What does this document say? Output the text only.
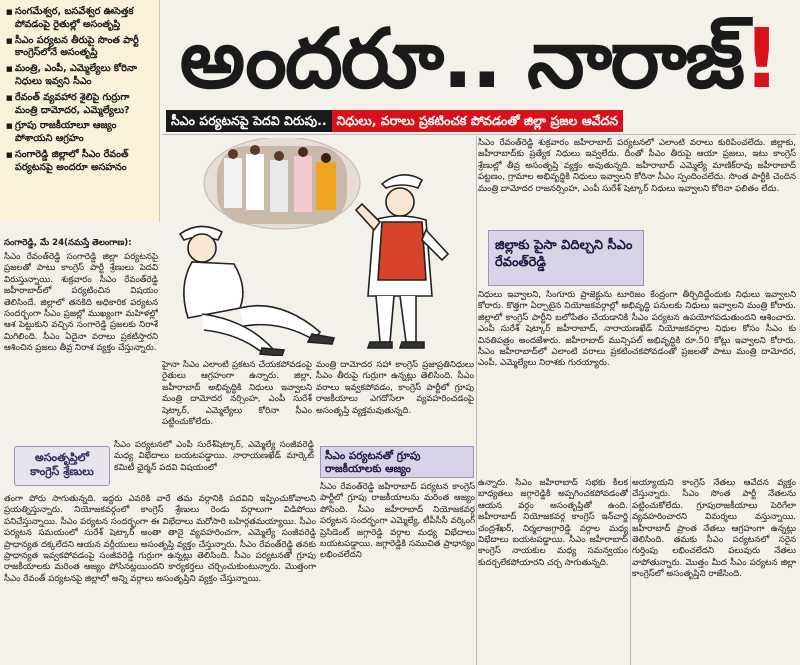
■ సంగమేశ్వర, బసవేశ్వర ఊసెత్తక పోవడంపై రైతుల్లో అసంతృప్తి
■ సీఎం పర్యటన తీరుపై సొంత పార్టీ కాంగ్రెస్‌లోనే అసంతృప్తి
■ మంత్రి, ఎంపీ, ఎమ్మెల్యేలు కోరినా నిధులు ఇవ్వని సీఎం
■ రేవంత్ వ్యవహార శైలిపై గుర్రుగా మంత్రి దామోదర, ఎమ్మెల్యేలు?
■ గ్రూపు రాజకీయాలూ ఆజ్యం పోశాయని ఆగ్రహం
■ సంగారెడ్డి జిల్లాలో సీఎం రేవంత్ పర్యటనపై అందరూ అసహనం
అందరూ.. నారాజ్!
సీఎం పర్యటనపై పెదవి విరుపు.. నిధులు, వరాలు ప్రకటించక పోవడంతో జిల్లా ప్రజల ఆవేదన

సీఎం రేవంత్‌రెడ్డి శుక్రవారం జహీరాబాద్ పర్యటనలో ఎలాంటి వరాలు కురిపించలేదు. జిల్లాకు, జహీరాబాద్‌కు ప్రత్యేక నిధులు ఇవ్వలేదు. దీంతో సీఎం తీరుపై ఆయా ప్రజలు, ఇటు కాంగ్రెస్ శ్రేణుల్లో తీవ్ర అసంతృప్తి వ్యక్తం అవుతున్నది. జహీరాబాద్ ఎమ్మెల్యే మాణిక్‌రావు జహీరాబాద్ పట్టణం, గ్రామాల అభివృద్ధికి నిధులు ఇవ్వాలని కోరినా సీఎం స్పందించలేదు. సొంత పార్టీకి చెందిన మంత్రి దామోదర రాజనర్సింహ, ఎంపీ సురేశ్ షెట్కార్ నిధులు ఇవ్వాలని కోరినా ఫలితం లేదు.

జిల్లాకు పైసా విదిల్చని సీఎం రేవంత్‌రెడ్డి

నిధులు ఇవ్వాలని, సింగూరు ప్రాజెక్టును టూరిజం కేంద్రంగా తీర్చిదిద్దేందుకు నిధులు ఇవ్వాలని కోరారు. కొత్తగా ఏర్పాటైన నియోజకవర్గాల్లో అభివృద్ధి పనులకు నిధులు ఇవ్వాలని మంత్రి కోరారు. జిల్లాలో కాంగ్రెస్ పార్టీని బలోపేతం చేయడానికి సీఎం పర్యటన ఉపయోగపడుతుందని ఆశించారు. ఎంపీ సురేశ్ షెట్కార్ జహీరాబాద్, నారాయణఖేడ్ నియోజకవర్గాల నిధుల కోసం సీఎం కు వినతిపత్రం అందజేశారు. జహీరాబాద్ మున్సిపల్ అభివృద్ధికి రూ.50 కోట్లు ఇవ్వాలని కోరారు. సీఎం జహీరాబాద్‌లో ఎలాంటి వరాలు ప్రకటించకపోవడంతో ప్రజలతో పాటు మంత్రి దామోదర, ఎంపీ, ఎమ్మెల్యేలు నిరాశకు గురయ్యారు.

సంగారెడ్డి, మే 24(నమస్తే తెలంగాణ):

సీఎం రేవంత్‌రెడ్డి సంగారెడ్డి జిల్లా పర్యటనపై ప్రజలతో పాటు కాంగ్రెస్ పార్టీ శ్రేణులు పెదవి విరుస్తున్నాయి. శుక్రవారం సీఎం రేవంత్‌రెడ్డి జహీరాబాద్‌లో పర్యటించిన విషయం తెలిసిందే. జిల్లాలో తనకిది అధికారిక పర్యటన సందర్భంగా సీఎం ప్రజల్లో ముఖ్యంగా మహిళల్లో ఆశ పెట్టుకుని వచ్చిన సంగారెడ్డి ప్రజలకు నిరాశే మిగిలింది. సీఎం ఏదైనా వరాలు ప్రకటిస్తారని ఆశించిన ప్రజలు తీవ్ర నిరాశ వ్యక్తం చేస్తున్నారు.

అసంతృప్తిలో కాంగ్రెస్ శ్రేణులు

హైనా సీఎం ఎలాంటి ప్రకటన చేయకపోవడంపై రైతులు ఆగ్రహంగా ఉన్నారు. జిల్లా, జహీరాబాద్ అభివృద్ధికి నిధులు ఇవ్వాలని మంత్రి దామోదర నర్సింహ, ఎంపీ సురేశ్ షెట్కార్, ఎమ్మెల్యేలు కోరినా సీఎం పట్టించుకోలేదు.

మంత్రి దామోదర సహా కాంగ్రెస్ ప్రజాప్రతినిధులు సీఎం తీరుపై గుర్రుగా ఉన్నట్లు తెలిసింది. సీఎం వరాలు ఇవ్వకపోవడం, కాంగ్రెస్ పార్టీలో గ్రూపు రాజకీయాలు ఎగదోసేలా వ్యవహరించడంపై అసంతృప్తి వ్యక్తమవుతున్నది.

సీఎం పర్యటనలో ఎంపీ సురేశ్‌షెట్కార్, ఎమ్మెల్యే సంజీవరెడ్డి మధ్య విభేదాలు బయటపడ్డాయి. నారాయణఖేడ్ మార్కెట్ కమిటీ ఛైర్మన్ పదవి విషయంలో

సీఎం పర్యటనతో గ్రూపు రాజకీయాలకు ఆజ్యం

తంగా పోరు సాగుతున్నది. ఇద్దరు ఎవరికి వారే తమ వర్గానికి పదవిని ఇప్పించుకోవాలని ప్రయత్నిస్తున్నారు. నియోజకవర్గంలో కాంగ్రెస్‌ శ్రేణులు రెండు వర్గాలుగా విడిపోయి పనిచేస్తున్నాయి. సీఎం పర్యటన సందర్భంగా ఈ విభేదాలు మరోసారి బహిర్గతమయ్యాయి. సీఎం పర్యటన సమయంలో సురేశ్ షెట్కార్ అంతా తానై వ్యవహరించగా, ఎమ్మెల్యే సంజీవరెడ్డి ప్రాధాన్యత దక్కలేదని ఆయన వర్గీయులు అసంతృప్తి వ్యక్తం చేస్తున్నారు. సీఎం రేవంత్‌రెడ్డి తనకు ప్రాధాన్యత ఇవ్వకపోవడంపై సంజీవరెడ్డి గుర్రుగా ఉన్నట్లు తెలిసింది. సీఎం పర్యటనతో గ్రూపు రాజకీయాలకు మరింత ఆజ్యం పోసినట్లయిందని కార్యకర్తలు చర్చించుకుంటున్నారు. మొత్తంగా సీఎం రేవంత్ పర్యటనపై జిల్లాలో అన్ని వర్గాలు అసంతృప్తిని వ్యక్తం చేస్తున్నాయి.

సీఎం రేవంత్‌రెడ్డి జహీరాబాద్ పర్యటన కాంగ్రెస్ పార్టీలో గ్రూపు రాజకీయాలను మరింత ఆజ్యం పోసింది. సీఎం జహీరాబాద్ నియోజకవర్గ పర్యటన సందర్భంగా ఎమ్మెల్యే, టీపీసీసీ వర్కింగ్ ప్రెసిడెంట్ జగ్గారెడ్డి వర్గాల మధ్య విభేదాలు బయటపడ్డాయి. జగ్గారెడ్డికి సముచిత ప్రాధాన్యం లభించలేదని

ఉన్నారు. సీఎం జహీరాబాద్ సభకు కీలక బాధ్యతలు జగ్గారెడ్డికి అప్పగించకపోవడంతో ఆయన వర్గం అసంతృప్తితో ఉంది. జహీరాబాద్ నియోజకవర్గ కాంగ్రెస్ ఇన్‌చార్జి చంద్రశేఖర్, నిర్మలాజగ్గారెడ్డి వర్గాల మధ్య విభేదాలు బయటపడ్డాయి. సీఎం జహీరాబాద్ కాంగ్రెస్ నాయకుల మధ్య సమన్వయం కుదర్చలేకపోయారని చర్చ సాగుతున్నది.

అయ్యాయని కాంగ్రెస్ నేతలు ఆవేదన వ్యక్తం చేస్తున్నారు. సీఎం సొంత పార్టీ నేతలను పట్టించుకోలేదు. గ్రూపురాజకీయాలు పెరిగేలా వ్యవహరించారని విమర్శలు వస్తున్నాయి. జహీరాబాద్ ప్రాంత నేతలు ఆగ్రహంగా ఉన్నట్లు తెలిసింది. తమకు సీఎం పర్యటనలో సరైన గుర్తింపు లభించలేదని పలువురు నేతలు వాపోతున్నారు. మొత్తం మీద సీఎం పర్యటన జిల్లా కాంగ్రెస్‌లో అసంతృప్తిని రాజేసింది.
